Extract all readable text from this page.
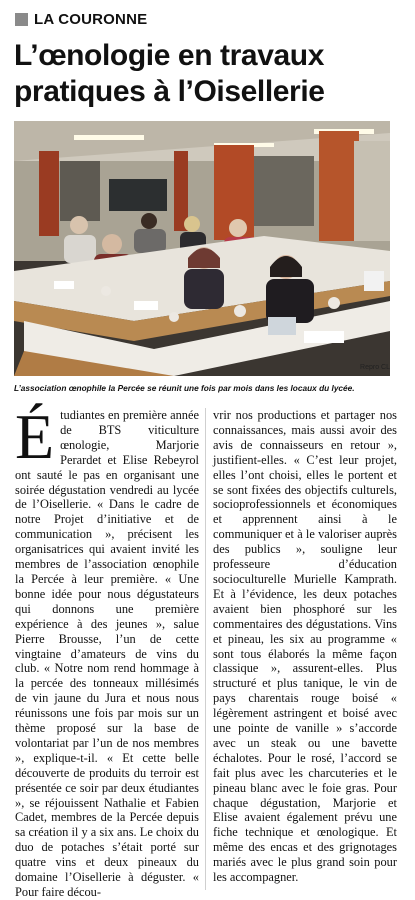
LA COURONNE
L’œnologie en travaux pratiques à l’Oisellerie
Repro CL

L’association œnophile la Percée se réunit une fois par mois dans les locaux du lycée.

Étudiantes en première année de BTS viticulture œnologie, Marjorie Perardet et Elise Rebeyrol ont sauté le pas en organisant une soirée dégustation vendredi au lycée de l’Oisellerie. « Dans le cadre de notre Projet d’initiative et de communication », précisent les organisatrices qui avaient invité les membres de l’association œnophile la Percée à leur première. « Une bonne idée pour nous dégustateurs qui donnons une première expérience à des jeunes », salue Pierre Brousse, l’un de cette vingtaine d’amateurs de vins du club. « Notre nom rend hommage à la percée des tonneaux millésimés de vin jaune du Jura et nous nous réunissons une fois par mois sur un thème proposé sur la base de volontariat par l’un de nos membres », explique-t-il. « Et cette belle découverte de produits du terroir est présentée ce soir par deux étudiantes », se réjouissent Nathalie et Fabien Cadet, membres de la Percée depuis sa création il y a six ans. Le choix du duo de potaches s’était porté sur quatre vins et deux pineaux du domaine l’Oisellerie à déguster. « Pour faire décou-

vrir nos productions et partager nos connaissances, mais aussi avoir des avis de connaisseurs en retour », justifient-elles. « C’est leur projet, elles l’ont choisi, elles le portent et se sont fixées des objectifs culturels, socioprofessionnels et économiques et apprennent ainsi à le communiquer et à le valoriser auprès des publics », souligne leur professeure d’éducation socioculturelle Murielle Kamprath. Et à l’évidence, les deux potaches avaient bien phosphoré sur les commentaires des dégustations. Vins et pineau, les six au programme « sont tous élaborés la même façon classique », assurent-elles. Plus structuré et plus tanique, le vin de pays charentais rouge boisé « légèrement astringent et boisé avec une pointe de vanille » s’accorde avec un steak ou une bavette échalotes. Pour le rosé, l’accord se fait plus avec les charcuteries et le pineau blanc avec le foie gras. Pour chaque dégustation, Marjorie et Elise avaient également prévu une fiche technique et œnologique. Et même des encas et des grignotages mariés avec le plus grand soin pour les accompagner.
